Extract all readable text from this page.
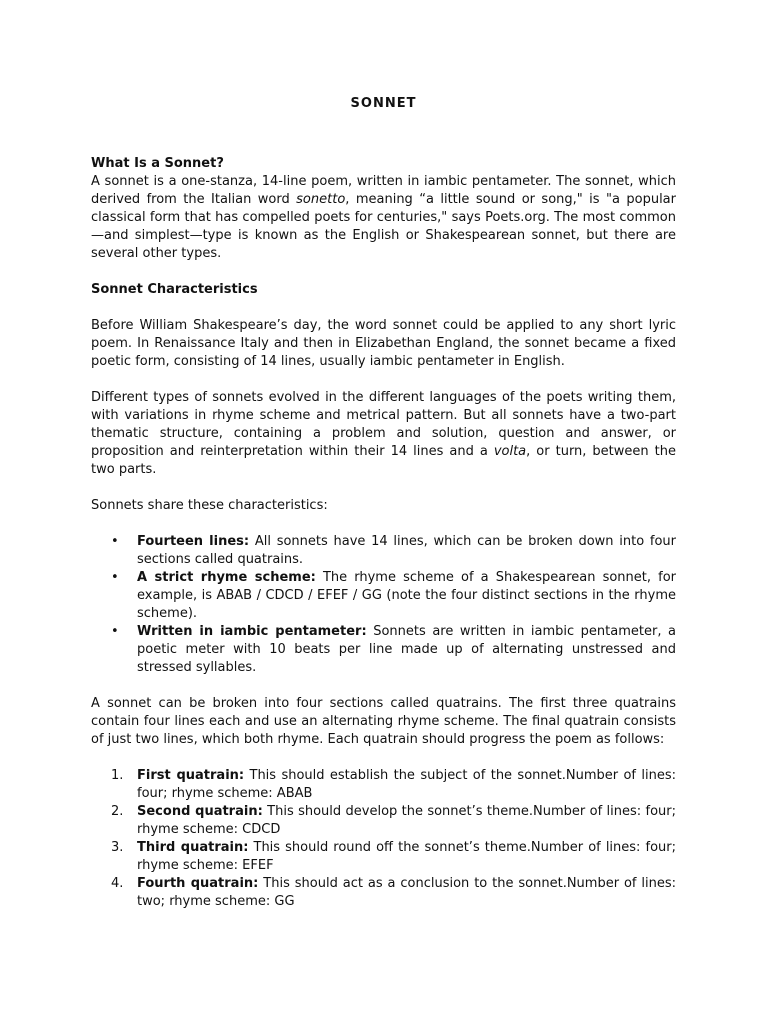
SONNET
What Is a Sonnet?

A sonnet is a one-stanza, 14-line poem, written in iambic pentameter. The sonnet, which derived from the Italian word sonetto, meaning “a little sound or song," is "a popular classical form that has compelled poets for centuries," says Poets.org. The most common—and simplest—type is known as the English or Shakespearean sonnet, but there are several other types.

Sonnet Characteristics

Before William Shakespeare’s day, the word sonnet could be applied to any short lyric poem. In Renaissance Italy and then in Elizabethan England, the sonnet became a fixed poetic form, consisting of 14 lines, usually iambic pentameter in English.

Different types of sonnets evolved in the different languages of the poets writing them, with variations in rhyme scheme and metrical pattern. But all sonnets have a two-part thematic structure, containing a problem and solution, question and answer, or proposition and reinterpretation within their 14 lines and a volta, or turn, between the two parts.

Sonnets share these characteristics:

• Fourteen lines: All sonnets have 14 lines, which can be broken down into four sections called quatrains.
• A strict rhyme scheme: The rhyme scheme of a Shakespearean sonnet, for example, is ABAB / CDCD / EFEF / GG (note the four distinct sections in the rhyme scheme).
• Written in iambic pentameter: Sonnets are written in iambic pentameter, a poetic meter with 10 beats per line made up of alternating unstressed and stressed syllables.

A sonnet can be broken into four sections called quatrains. The first three quatrains contain four lines each and use an alternating rhyme scheme. The final quatrain consists of just two lines, which both rhyme. Each quatrain should progress the poem as follows:

1. First quatrain: This should establish the subject of the sonnet.Number of lines: four; rhyme scheme: ABAB
2. Second quatrain: This should develop the sonnet’s theme.Number of lines: four; rhyme scheme: CDCD
3. Third quatrain: This should round off the sonnet’s theme.Number of lines: four; rhyme scheme: EFEF
4. Fourth quatrain: This should act as a conclusion to the sonnet.Number of lines: two; rhyme scheme: GG
